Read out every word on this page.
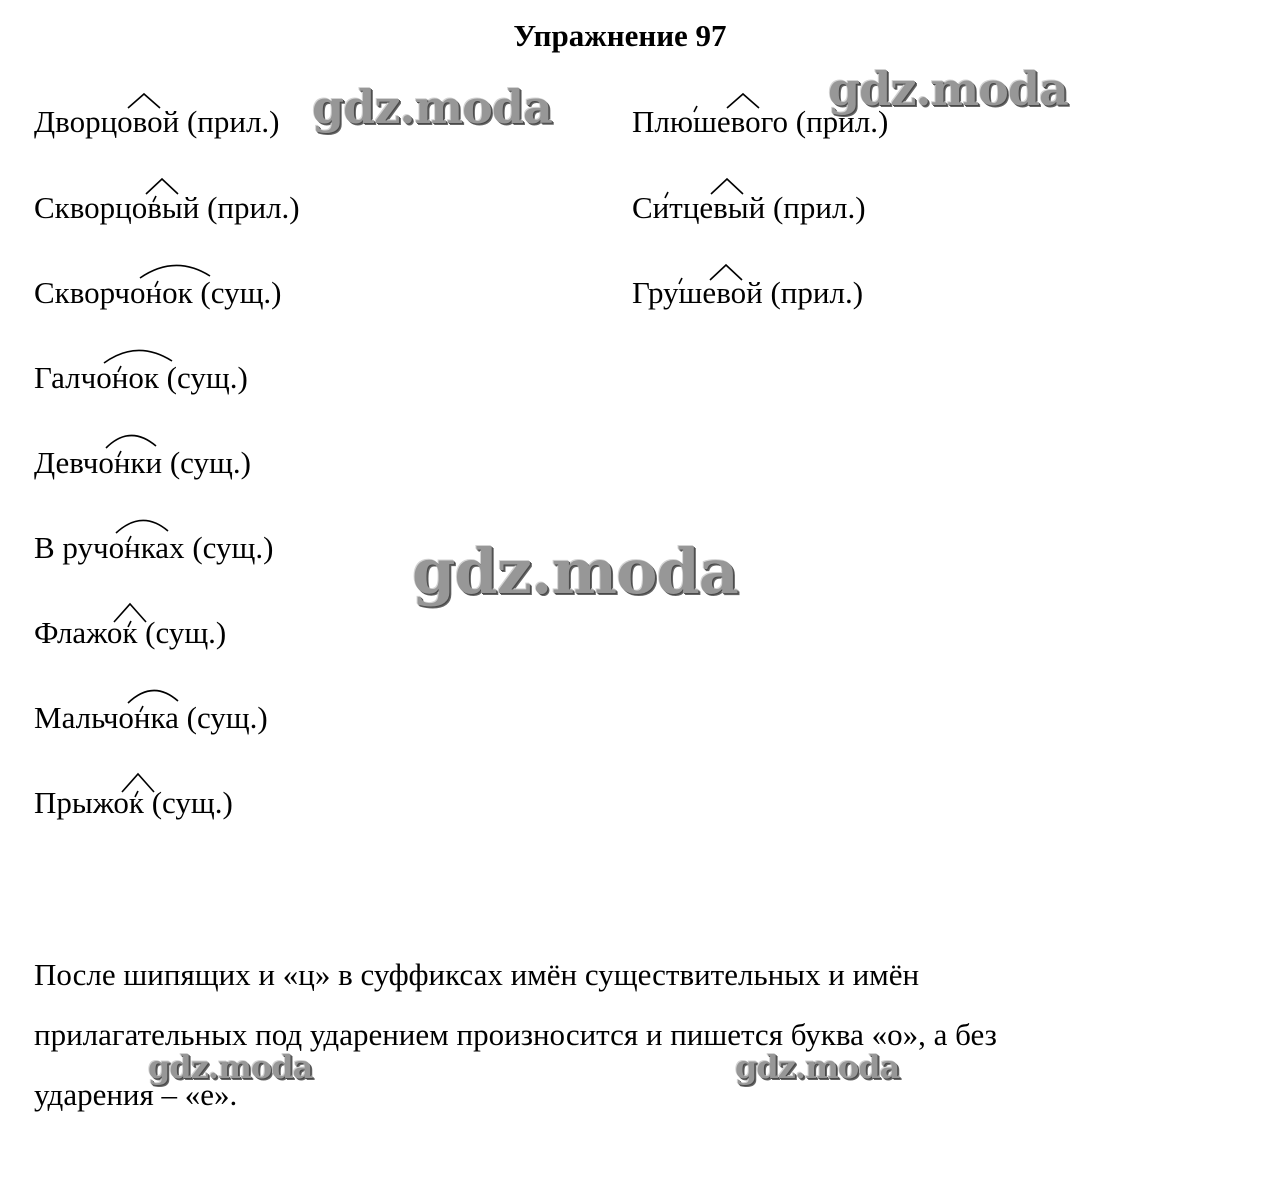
Упражнение 97
Дворцовой (прил.)
Скворцовый (прил.)
Скворчонок (сущ.)
Галчонок (сущ.)
Девчонки (сущ.)
В ручонках (сущ.)
Флажок (сущ.)
Мальчонка (сущ.)
Прыжок (сущ.)
Плюшевого (прил.)
Ситцевый (прил.)
Грушевой (прил.)
После шипящих и «ц» в суффиксах имён существительных и имён
прилагательных под ударением произносится и пишется буква «о», а без
ударения – «е».
gdz.moda	gdz.moda
gdz.moda
gdz.moda	gdz.moda
